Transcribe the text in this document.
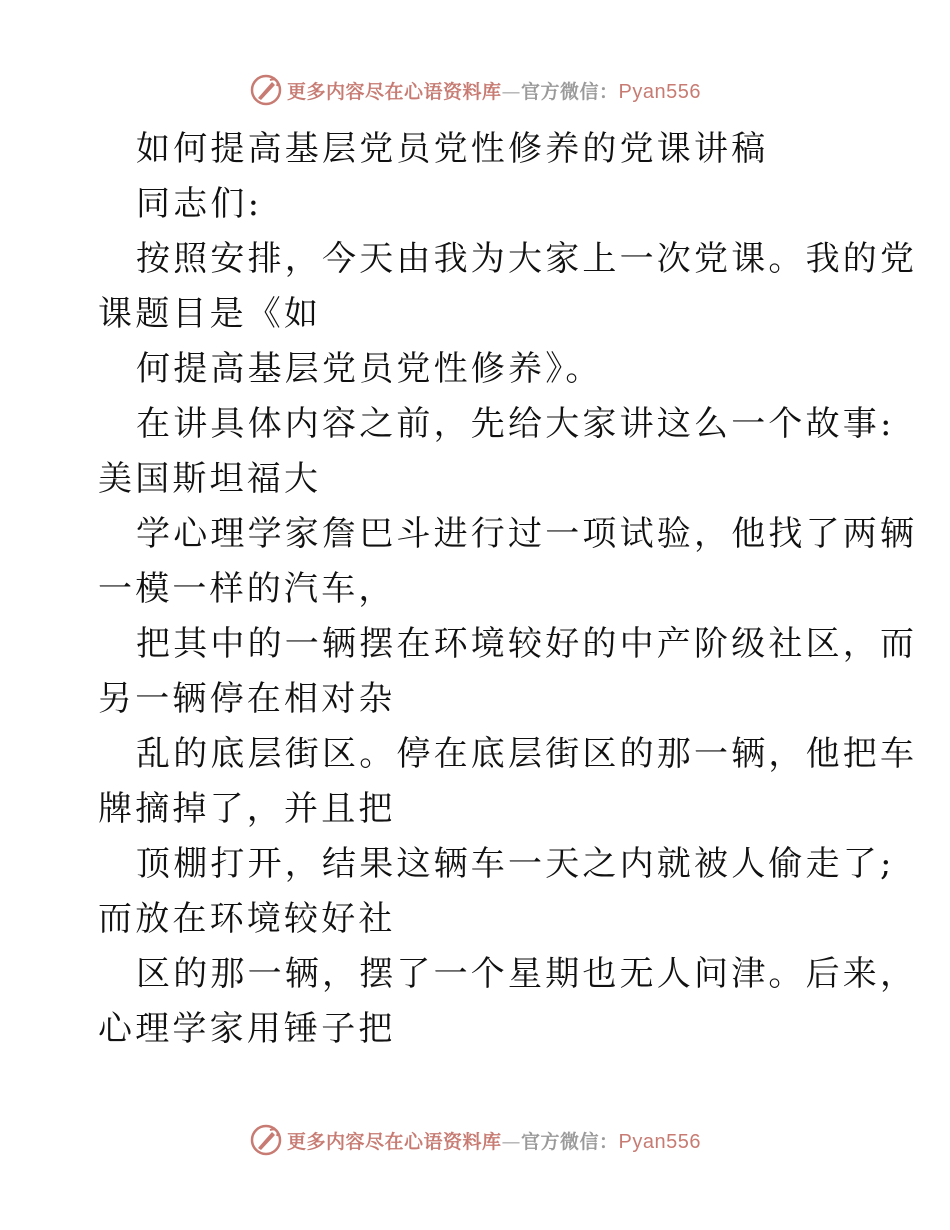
更多内容尽在心语资料库—官方微信：Pyan556
如何提高基层党员党性修养的党课讲稿
同志们:
按照安排，今天由我为大家上一次党课。我的党
课题目是《如
何提高基层党员党性修养》。
在讲具体内容之前，先给大家讲这么一个故事:
美国斯坦福大
学心理学家詹巴斗进行过一项试验，他找了两辆
一模一样的汽车，
把其中的一辆摆在环境较好的中产阶级社区，而
另一辆停在相对杂
乱的底层街区。停在底层街区的那一辆，他把车
牌摘掉了，并且把
顶棚打开，结果这辆车一天之内就被人偷走了;
而放在环境较好社
区的那一辆，摆了一个星期也无人问津。后来，
心理学家用锤子把
更多内容尽在心语资料库—官方微信：Pyan556
